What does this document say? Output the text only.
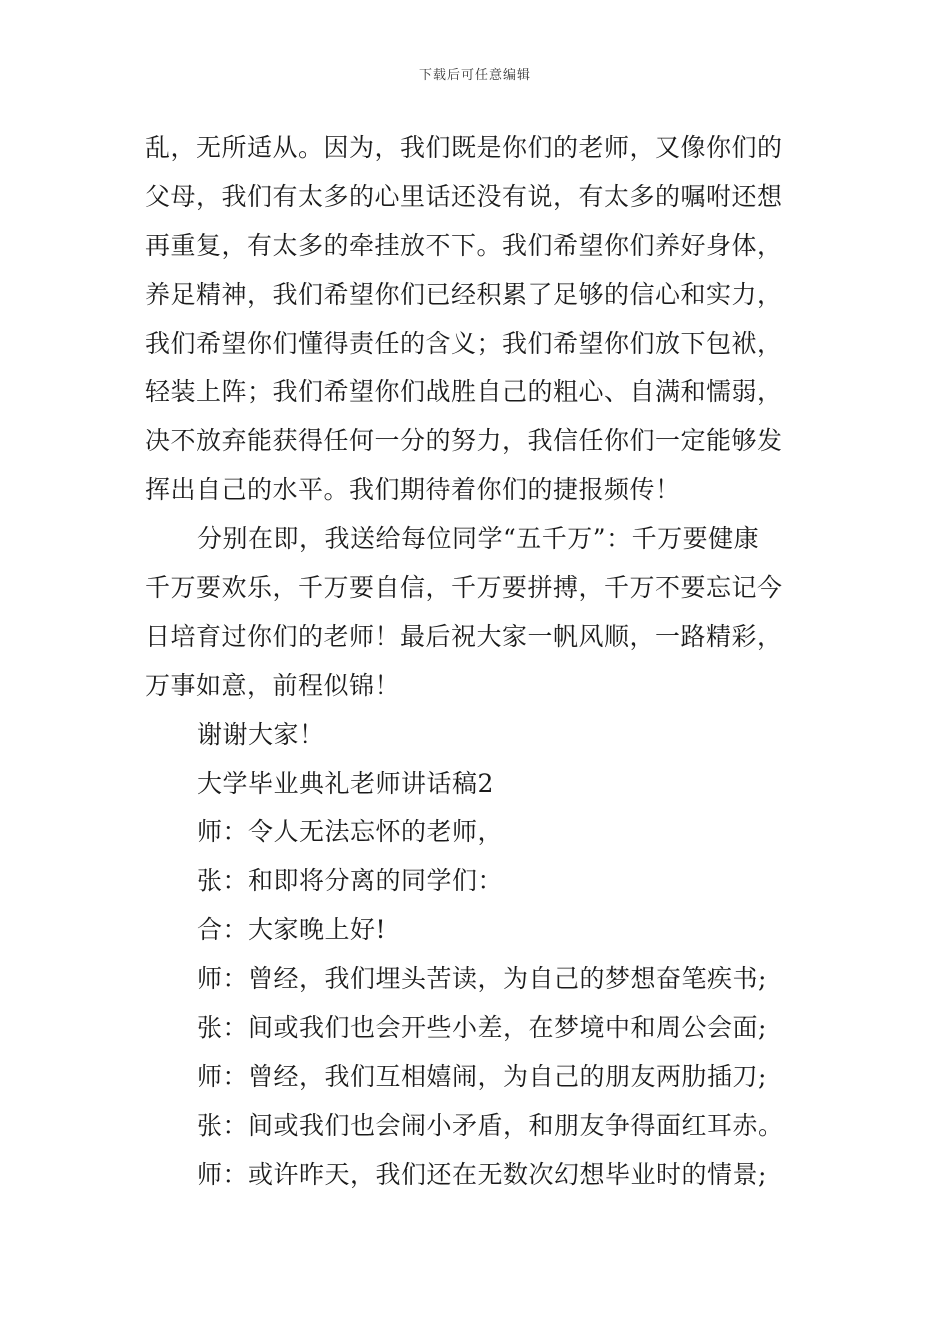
下载后可任意编辑
乱，无所适从。因为，我们既是你们的老师，又像你们的
父母，我们有太多的心里话还没有说，有太多的嘱咐还想
再重复，有太多的牵挂放不下。我们希望你们养好身体，
养足精神，我们希望你们已经积累了足够的信心和实力，
我们希望你们懂得责任的含义；我们希望你们放下包袱，
轻装上阵；我们希望你们战胜自己的粗心、自满和懦弱，
决不放弃能获得任何一分的努力，我信任你们一定能够发
挥出自己的水平。我们期待着你们的捷报频传！
分别在即，我送给每位同学“五千万”：千万要健康
千万要欢乐，千万要自信，千万要拼搏，千万不要忘记今
日培育过你们的老师！最后祝大家一帆风顺，一路精彩，
万事如意，前程似锦！
谢谢大家！
大学毕业典礼老师讲话稿2
师：令人无法忘怀的老师，
张：和即将分离的同学们：
合：大家晚上好!
师：曾经，我们埋头苦读，为自己的梦想奋笔疾书;
张：间或我们也会开些小差，在梦境中和周公会面;
师：曾经，我们互相嬉闹，为自己的朋友两肋插刀;
张：间或我们也会闹小矛盾，和朋友争得面红耳赤。
师：或许昨天，我们还在无数次幻想毕业时的情景;
